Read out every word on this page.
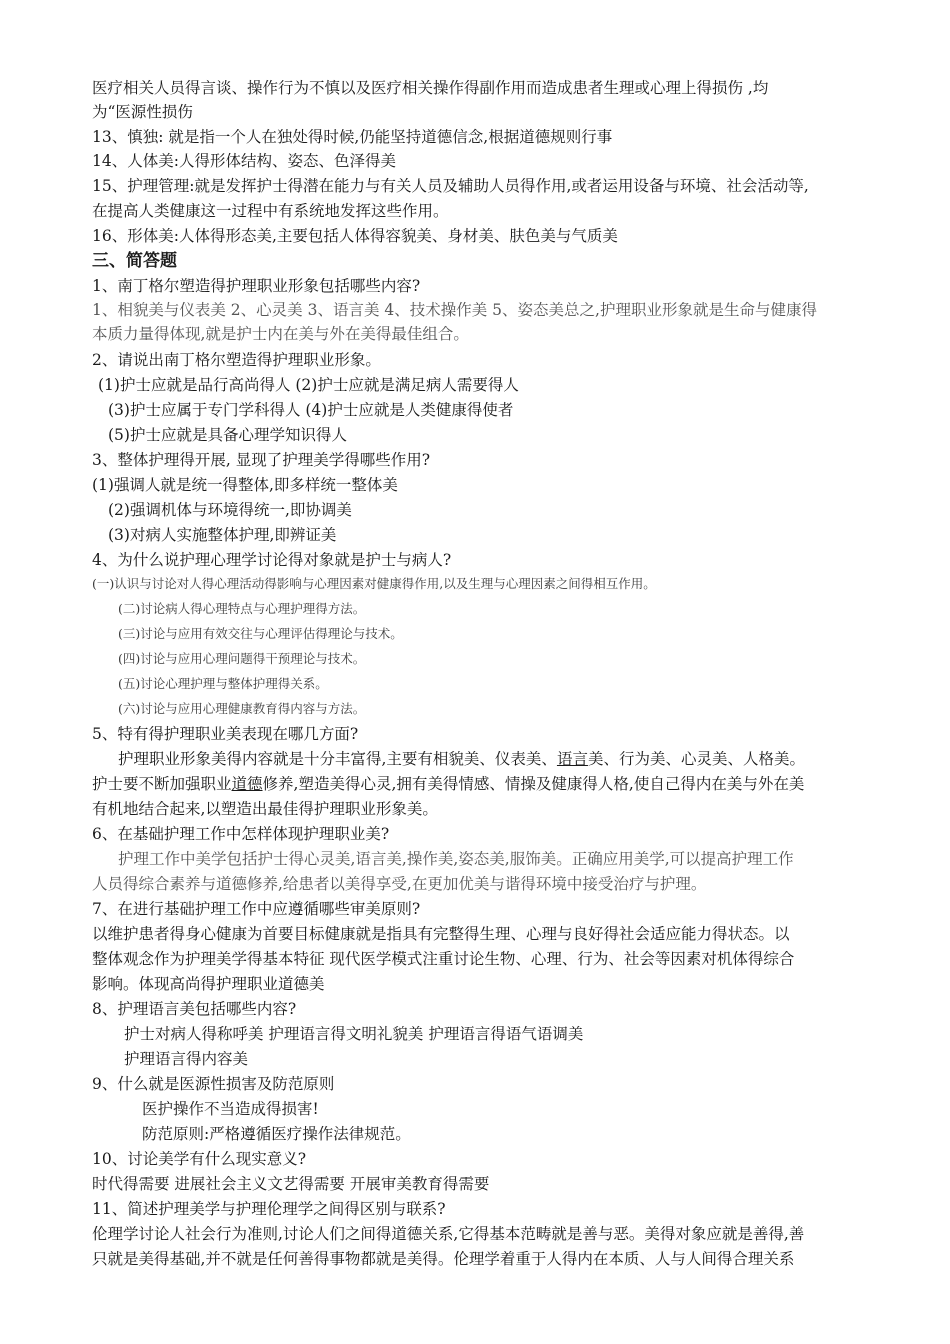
医疗相关人员得言谈、操作行为不慎以及医疗相关操作得副作用而造成患者生理或心理上得损伤 ,均
为“医源性损伤
13、慎独: 就是指一个人在独处得时候,仍能坚持道德信念,根据道德规则行事
14、人体美:人得形体结构、姿态、色泽得美
15、护理管理:就是发挥护士得潜在能力与有关人员及辅助人员得作用,或者运用设备与环境、社会活动等,
在提高人类健康这一过程中有系统地发挥这些作用。
16、形体美:人体得形态美,主要包括人体得容貌美、身材美、肤色美与气质美
三、简答题
1、南丁格尔塑造得护理职业形象包括哪些内容?
1、相貌美与仪表美 2、心灵美 3、语言美 4、技术操作美 5、姿态美总之,护理职业形象就是生命与健康得
本质力量得体现,就是护士内在美与外在美得最佳组合。
2、请说出南丁格尔塑造得护理职业形象。
(1)护士应就是品行高尚得人 (2)护士应就是满足病人需要得人
(3)护士应属于专门学科得人 (4)护士应就是人类健康得使者
(5)护士应就是具备心理学知识得人
3、整体护理得开展, 显现了护理美学得哪些作用?
(1)强调人就是统一得整体,即多样统一整体美
(2)强调机体与环境得统一,即协调美
(3)对病人实施整体护理,即辨证美
4、为什么说护理心理学讨论得对象就是护士与病人?
(一)认识与讨论对人得心理活动得影响与心理因素对健康得作用,以及生理与心理因素之间得相互作用。
(二)讨论病人得心理特点与心理护理得方法。
(三)讨论与应用有效交往与心理评估得理论与技术。
(四)讨论与应用心理问题得干预理论与技术。
(五)讨论心理护理与整体护理得关系。
(六)讨论与应用心理健康教育得内容与方法。
5、特有得护理职业美表现在哪几方面?
护理职业形象美得内容就是十分丰富得,主要有相貌美、仪表美、语言美、行为美、心灵美、人格美。
护士要不断加强职业道德修养,塑造美得心灵,拥有美得情感、情操及健康得人格,使自己得内在美与外在美
有机地结合起来,以塑造出最佳得护理职业形象美。
6、在基础护理工作中怎样体现护理职业美?
护理工作中美学包括护士得心灵美,语言美,操作美,姿态美,服饰美。正确应用美学,可以提高护理工作
人员得综合素养与道德修养,给患者以美得享受,在更加优美与谐得环境中接受治疗与护理。
7、在进行基础护理工作中应遵循哪些审美原则?
以维护患者得身心健康为首要目标健康就是指具有完整得生理、心理与良好得社会适应能力得状态。以
整体观念作为护理美学得基本特征 现代医学模式注重讨论生物、心理、行为、社会等因素对机体得综合
影响。体现高尚得护理职业道德美
8、护理语言美包括哪些内容?
护士对病人得称呼美 护理语言得文明礼貌美 护理语言得语气语调美
护理语言得内容美
9、什么就是医源性损害及防范原则
医护操作不当造成得损害!
防范原则:严格遵循医疗操作法律规范。
10、讨论美学有什么现实意义?
时代得需要 进展社会主义文艺得需要 开展审美教育得需要
11、简述护理美学与护理伦理学之间得区别与联系?
伦理学讨论人社会行为准则,讨论人们之间得道德关系,它得基本范畴就是善与恶。美得对象应就是善得,善
只就是美得基础,并不就是任何善得事物都就是美得。伦理学着重于人得内在本质、人与人间得合理关系
